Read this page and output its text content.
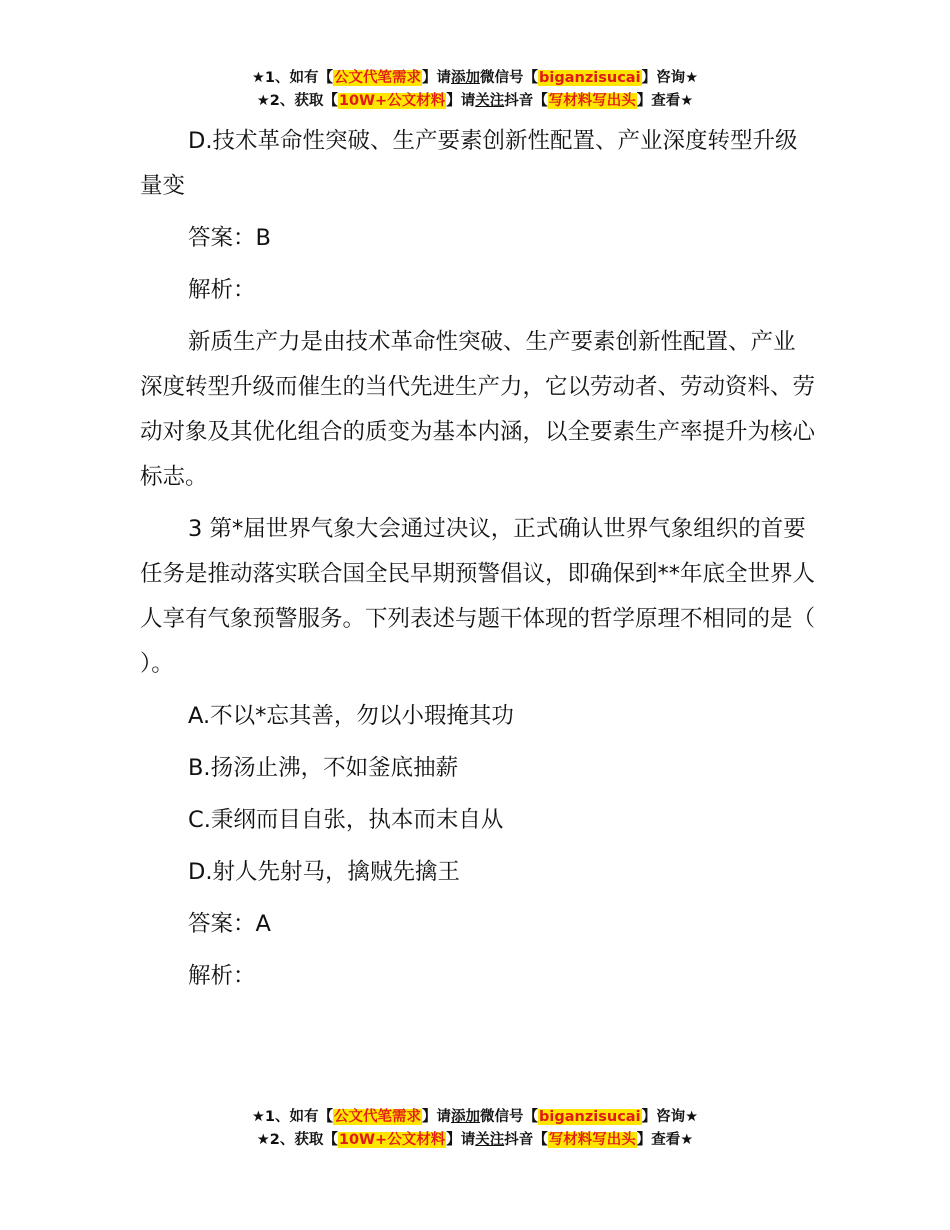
★1、如有【公文代笔需求】请添加微信号【biganzisucai】咨询★
★2、获取【10W+公文材料】请关注抖音【写材料写出头】查看★

D.技术革命性突破、生产要素创新性配置、产业深度转型升级量变

答案：B

解析：

新质生产力是由技术革命性突破、生产要素创新性配置、产业深度转型升级而催生的当代先进生产力，它以劳动者、劳动资料、劳动对象及其优化组合的质变为基本内涵，以全要素生产率提升为核心标志。

3 第*届世界气象大会通过决议，正式确认世界气象组织的首要任务是推动落实联合国全民早期预警倡议，即确保到**年底全世界人人享有气象预警服务。下列表述与题干体现的哲学原理不相同的是（ ）。

A.不以*忘其善，勿以小瑕掩其功

B.扬汤止沸，不如釜底抽薪

C.秉纲而目自张，执本而末自从

D.射人先射马，擒贼先擒王

答案：A

解析：

★1、如有【公文代笔需求】请添加微信号【biganzisucai】咨询★
★2、获取【10W+公文材料】请关注抖音【写材料写出头】查看★
